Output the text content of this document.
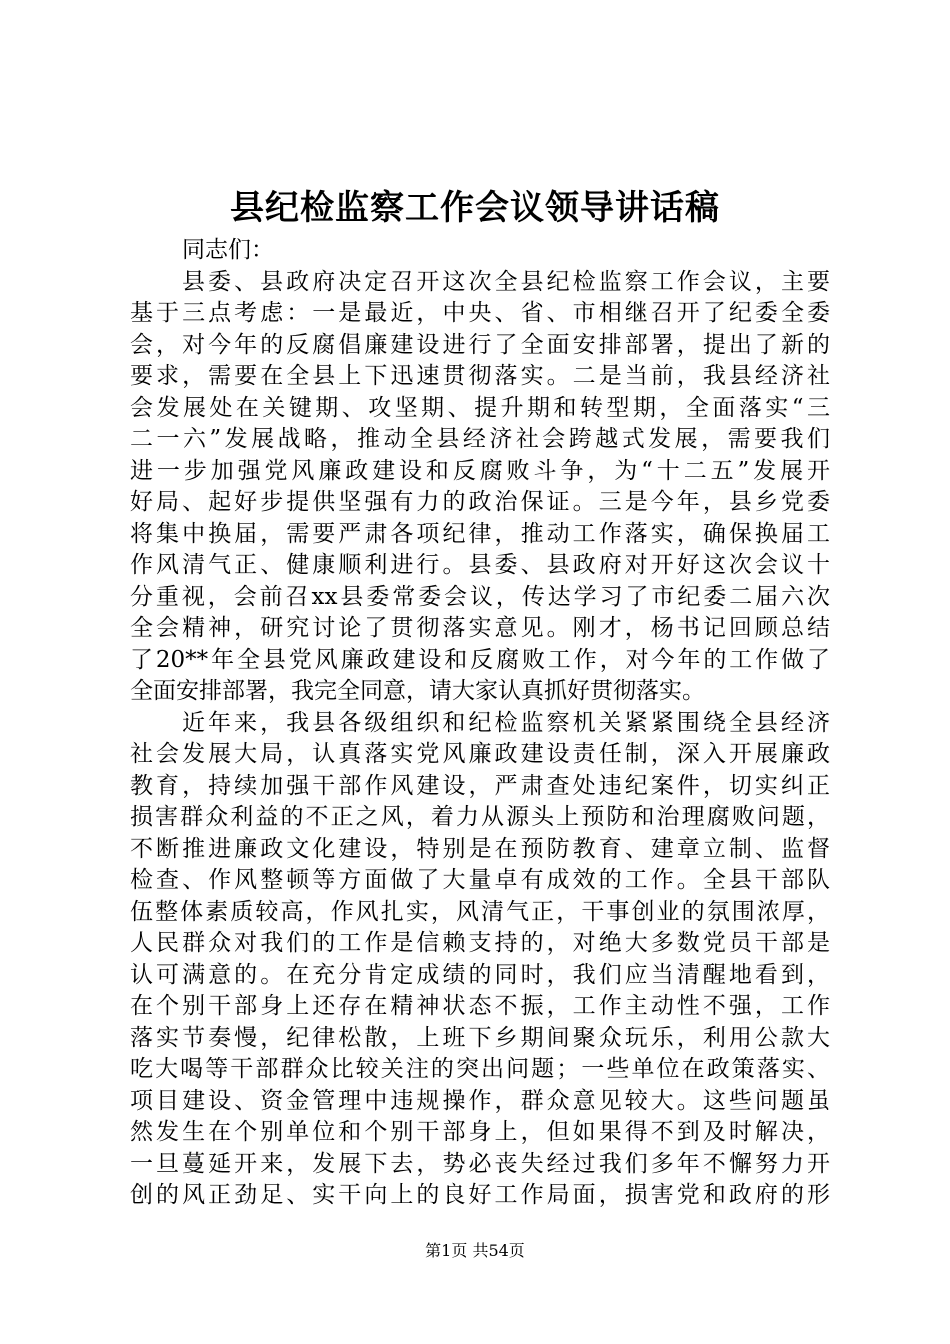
县纪检监察工作会议领导讲话稿
同志们：
县委、县政府决定召开这次全县纪检监察工作会议，主要
基于三点考虑：一是最近，中央、省、市相继召开了纪委全委
会，对今年的反腐倡廉建设进行了全面安排部署，提出了新的
要求，需要在全县上下迅速贯彻落实。二是当前，我县经济社
会发展处在关键期、攻坚期、提升期和转型期，全面落实“三
二一六”发展战略，推动全县经济社会跨越式发展，需要我们
进一步加强党风廉政建设和反腐败斗争，为“十二五”发展开
好局、起好步提供坚强有力的政治保证。三是今年，县乡党委
将集中换届，需要严肃各项纪律，推动工作落实，确保换届工
作风清气正、健康顺利进行。县委、县政府对开好这次会议十
分重视，会前召xx县委常委会议，传达学习了市纪委二届六次
全会精神，研究讨论了贯彻落实意见。刚才，杨书记回顾总结
了20**年全县党风廉政建设和反腐败工作，对今年的工作做了
全面安排部署，我完全同意，请大家认真抓好贯彻落实。
近年来，我县各级组织和纪检监察机关紧紧围绕全县经济
社会发展大局，认真落实党风廉政建设责任制，深入开展廉政
教育，持续加强干部作风建设，严肃查处违纪案件，切实纠正
损害群众利益的不正之风，着力从源头上预防和治理腐败问题，
不断推进廉政文化建设，特别是在预防教育、建章立制、监督
检查、作风整顿等方面做了大量卓有成效的工作。全县干部队
伍整体素质较高，作风扎实，风清气正，干事创业的氛围浓厚，
人民群众对我们的工作是信赖支持的，对绝大多数党员干部是
认可满意的。在充分肯定成绩的同时，我们应当清醒地看到，
在个别干部身上还存在精神状态不振，工作主动性不强，工作
落实节奏慢，纪律松散，上班下乡期间聚众玩乐，利用公款大
吃大喝等干部群众比较关注的突出问题；一些单位在政策落实、
项目建设、资金管理中违规操作，群众意见较大。这些问题虽
然发生在个别单位和个别干部身上，但如果得不到及时解决，
一旦蔓延开来，发展下去，势必丧失经过我们多年不懈努力开
创的风正劲足、实干向上的良好工作局面，损害党和政府的形
第1页 共54页
